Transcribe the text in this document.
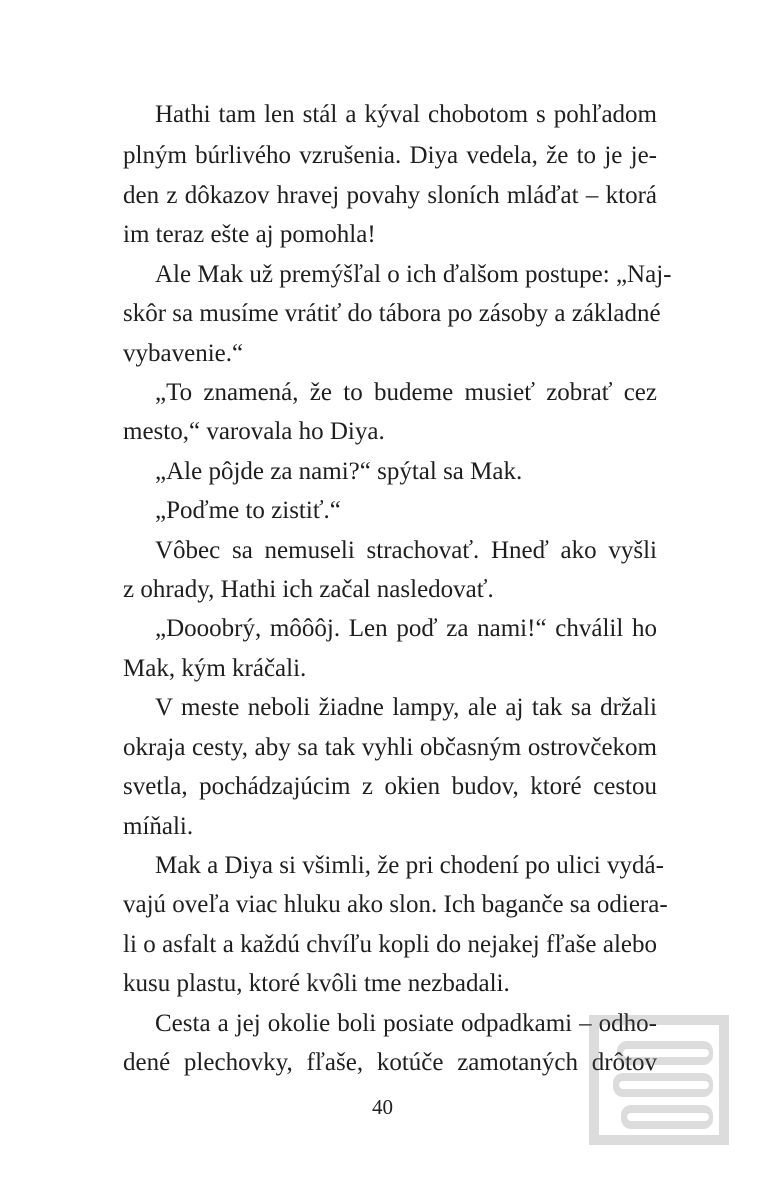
Hathi tam len stál a kýval chobotom s pohľadom
plným búrlivého vzrušenia. Diya vedela, že to je je-
den z dôkazov hravej povahy sloních mláďat – ktorá
im teraz ešte aj pomohla!
Ale Mak už premýšľal o ich ďalšom postupe: „Naj-
skôr sa musíme vrátiť do tábora po zásoby a základné
vybavenie.“
„To znamená, že to budeme musieť zobrať cez
mesto,“ varovala ho Diya.
„Ale pôjde za nami?“ spýtal sa Mak.
„Poďme to zistiť.“
Vôbec sa nemuseli strachovať. Hneď ako vyšli
z ohrady, Hathi ich začal nasledovať.
„Dooobrý, môôôj. Len poď za nami!“ chválil ho
Mak, kým kráčali.
V meste neboli žiadne lampy, ale aj tak sa držali
okraja cesty, aby sa tak vyhli občasným ostrovčekom
svetla, pochádzajúcim z okien budov, ktoré cestou
míňali.
Mak a Diya si všimli, že pri chodení po ulici vydá-
vajú oveľa viac hluku ako slon. Ich bagančе sa odiera-
li o asfalt a každú chvíľu kopli do nejakej fľaše alebo
kusu plastu, ktoré kvôli tme nezbadali.
Cesta a jej okolie boli posiate odpadkami – odho-
dené plechovky, fľaše, kotúče zamotaných drôtov
40
